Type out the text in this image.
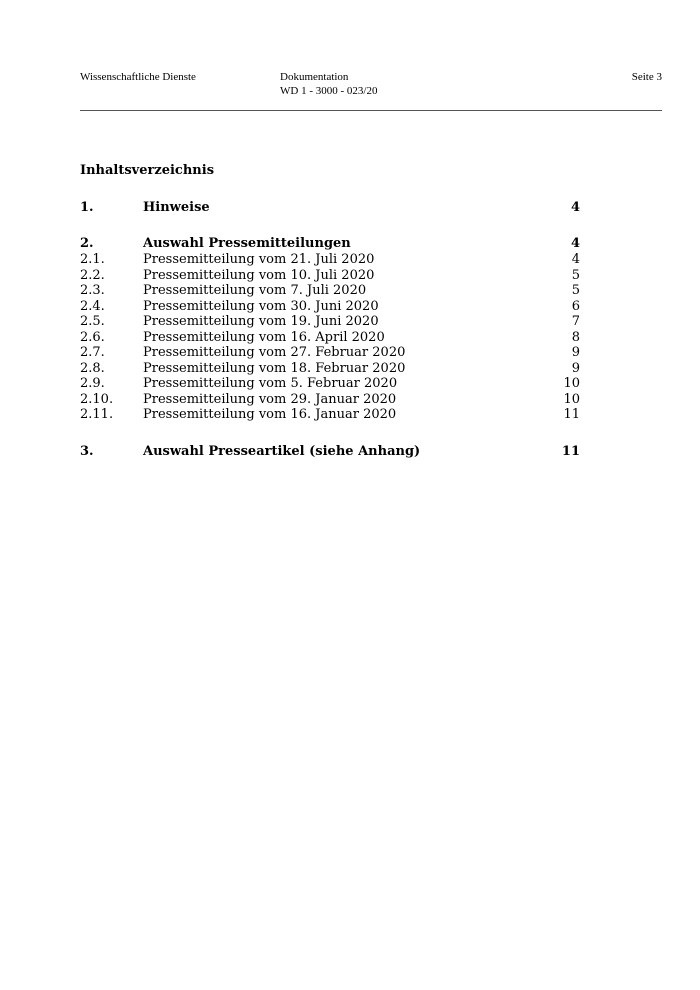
Wissenschaftliche Dienste	Dokumentation
WD 1 - 3000 - 023/20
Seite 3
Inhaltsverzeichnis
1.	Hinweise	4
2.	Auswahl Pressemitteilungen	4
2.1.	Pressemitteilung vom 21. Juli 2020	4
2.2.	Pressemitteilung vom 10. Juli 2020	5
2.3.	Pressemitteilung vom 7. Juli 2020	5
2.4.	Pressemitteilung vom 30. Juni 2020	6
2.5.	Pressemitteilung vom 19. Juni 2020	7
2.6.	Pressemitteilung vom 16. April 2020	8
2.7.	Pressemitteilung vom 27. Februar 2020	9
2.8.	Pressemitteilung vom 18. Februar 2020	9
2.9.	Pressemitteilung vom 5. Februar 2020	10
2.10. Pressemitteilung vom 29. Januar 2020	10
2.11. Pressemitteilung vom 16. Januar 2020	11
3.	Auswahl Presseartikel (siehe Anhang)	11
